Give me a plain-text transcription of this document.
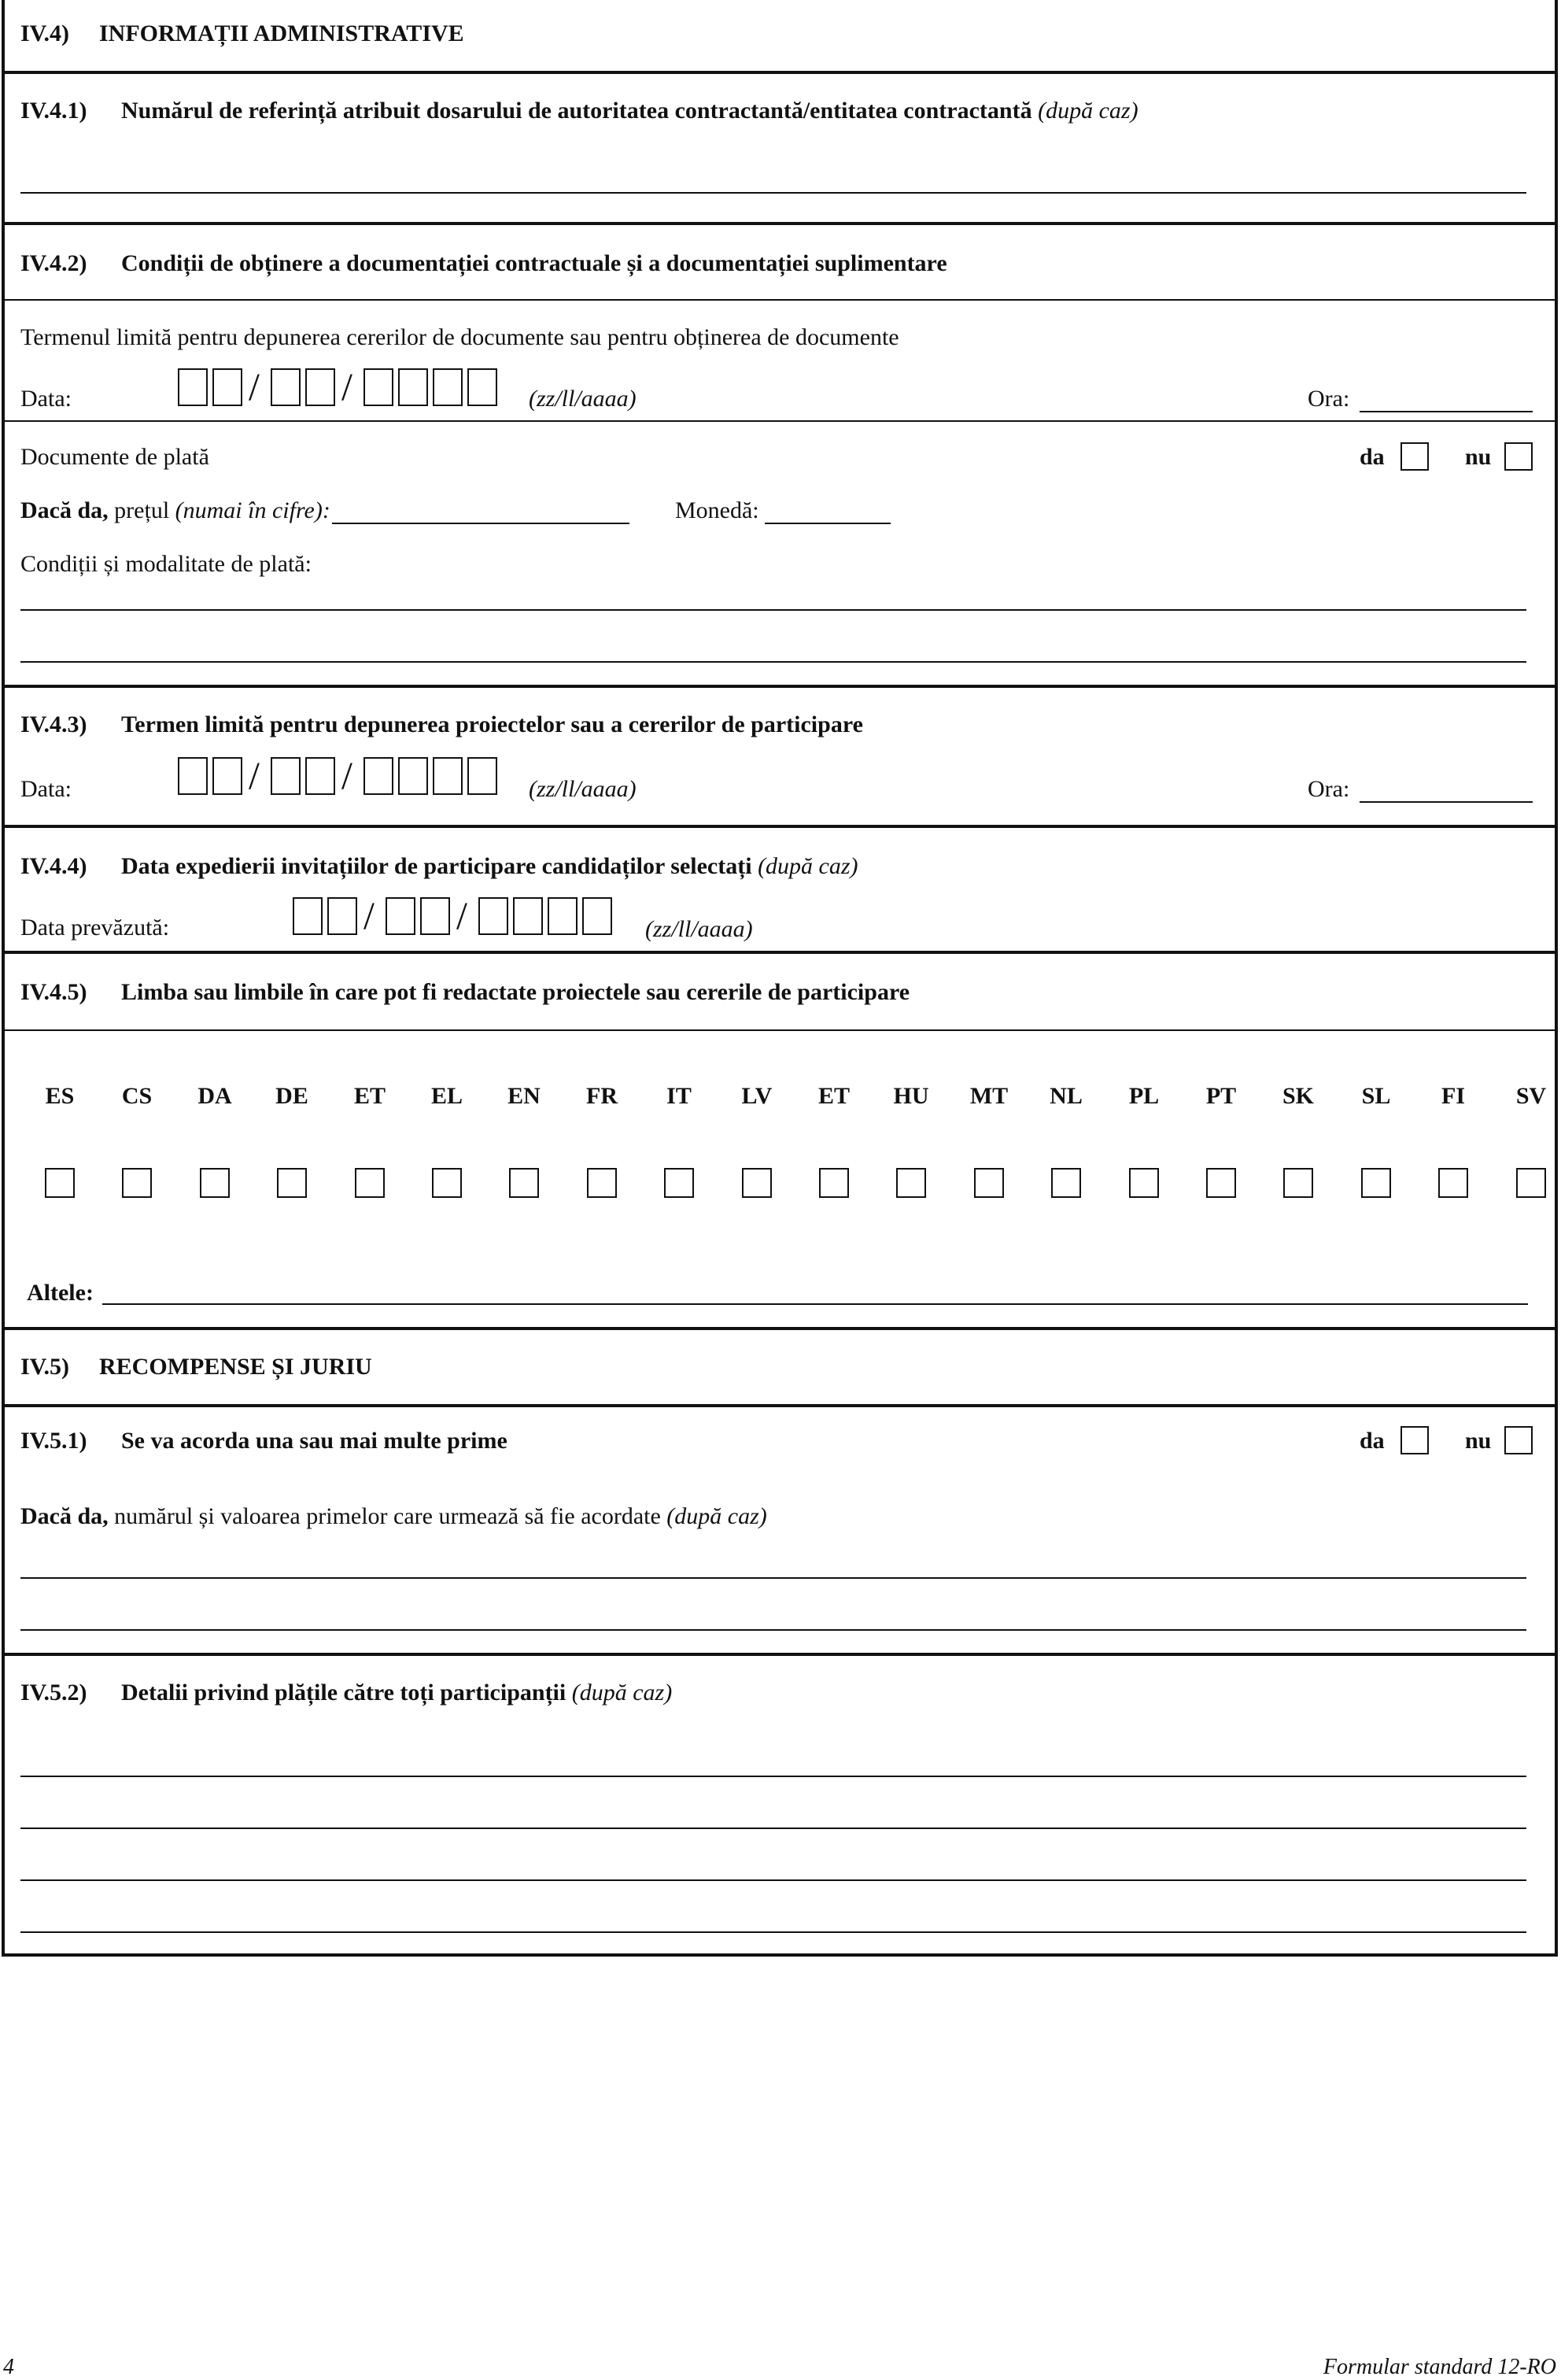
IV.4) INFORMAȚII ADMINISTRATIVE
IV.4.1) Numărul de referință atribuit dosarului de autoritatea contractantă/entitatea contractantă (după caz)
IV.4.2) Condiții de obținere a documentației contractuale și a documentației suplimentare
Termenul limită pentru depunerea cererilor de documente sau pentru obținerea de documente
Data:	/ /	(zz/ll/aaaa)	Ora:
Documente de plată	da	nu
Dacă da, prețul (numai în cifre):	Monedă:
Condiții și modalitate de plată:
IV.4.3) Termen limită pentru depunerea proiectelor sau a cererilor de participare
Data:	/ /	(zz/ll/aaaa)	Ora:
IV.4.4) Data expedierii invitațiilor de participare candidaților selectați (după caz)
Data prevăzută:	/ /	(zz/ll/aaaa)
IV.4.5) Limba sau limbile în care pot fi redactate proiectele sau cererile de participare
ES	CS	DA	DE	ET	EL	EN	FR	IT	LV	ET	HU MT	NL	PL	PT	SK	SL	FI	SV
Altele:
IV.5) RECOMPENSE ȘI JURIU
IV.5.1) Se va acorda una sau mai multe prime	da	nu
Dacă da, numărul și valoarea primelor care urmează să fie acordate (după caz)
IV.5.2) Detalii privind plățile către toți participanții (după caz)
4	Formular standard 12-RO
